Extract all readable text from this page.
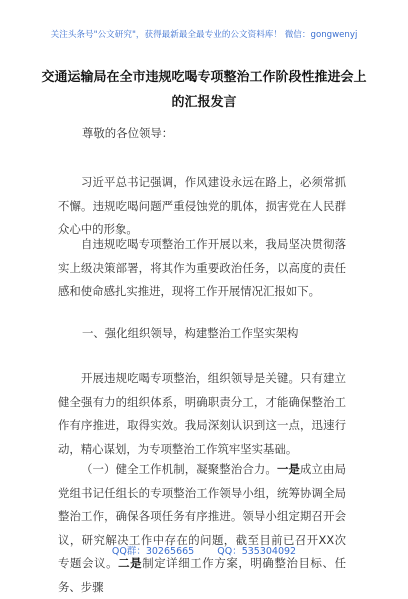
关注头条号"公文研究"，获得最新最全最专业的公文资料库！ 微信：gongwenyj
交通运输局在全市违规吃喝专项整治工作阶段性推进会上的汇报发言
尊敬的各位领导：
习近平总书记强调，作风建设永远在路上，必须常抓不懈。违规吃喝问题严重侵蚀党的肌体，损害党在人民群众心中的形象。
自违规吃喝专项整治工作开展以来，我局坚决贯彻落实上级决策部署，将其作为重要政治任务，以高度的责任感和使命感扎实推进，现将工作开展情况汇报如下。
一、强化组织领导，构建整治工作坚实架构
开展违规吃喝专项整治，组织领导是关键。只有建立健全强有力的组织体系，明确职责分工，才能确保整治工作有序推进，取得实效。我局深刻认识到这一点，迅速行动，精心谋划，为专项整治工作筑牢坚实基础。
（一）健全工作机制，凝聚整治合力。一是成立由局党组书记任组长的专项整治工作领导小组，统筹协调全局整治工作，确保各项任务有序推进。领导小组定期召开会议，研究解决工作中存在的问题，截至目前已召开XX次专题会议。二是制定详细工作方案，明确整治目标、任务、步骤
QQ群：30265665 QQ：535304092
